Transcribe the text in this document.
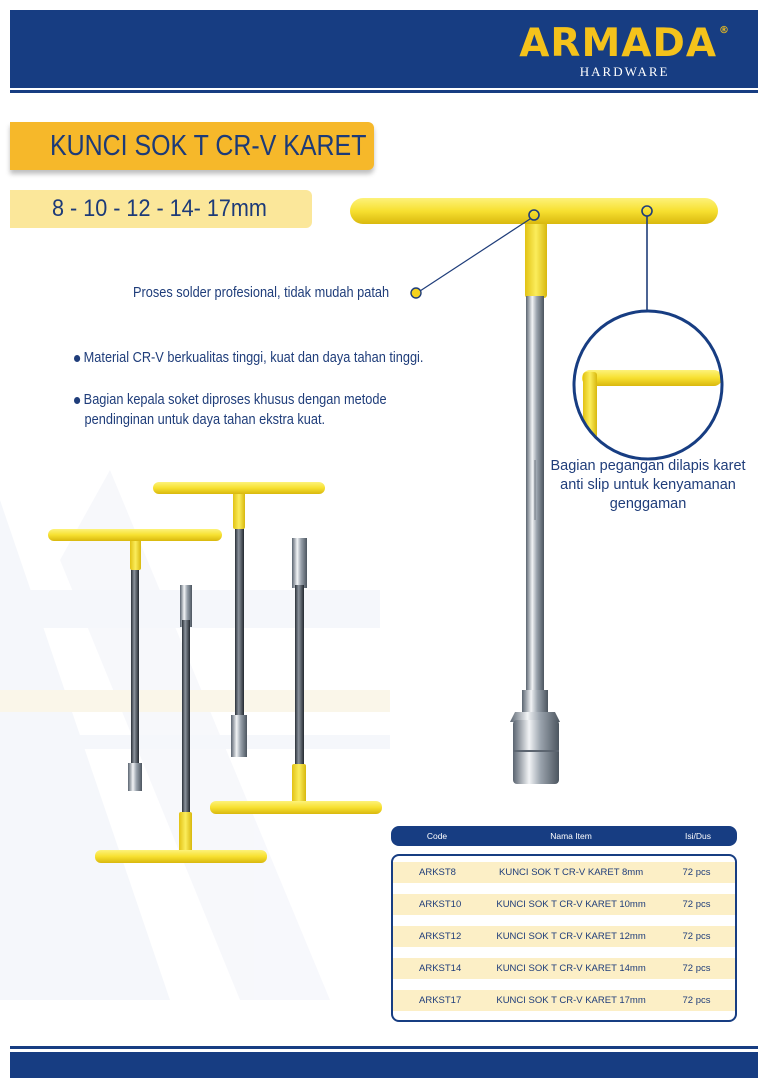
ARMADA ®
HARDWARE
KUNCI SOK T CR-V KARET
8 - 10 - 12 - 14- 17mm
Proses solder profesional, tidak mudah patah
Material CR-V berkualitas tinggi, kuat dan daya tahan tinggi.
Bagian kepala soket diproses khusus dengan metode
pendinginan untuk daya tahan ekstra kuat.
Bagian pegangan dilapis karet
anti slip untuk kenyamanan
genggaman
Code	Nama Item	Isi/Dus
ARKST8	KUNCI SOK T CR-V KARET 8mm	72 pcs
ARKST10	KUNCI SOK T CR-V KARET 10mm	72 pcs
ARKST12	KUNCI SOK T CR-V KARET 12mm	72 pcs
ARKST14	KUNCI SOK T CR-V KARET 14mm	72 pcs
ARKST17	KUNCI SOK T CR-V KARET 17mm	72 pcs
